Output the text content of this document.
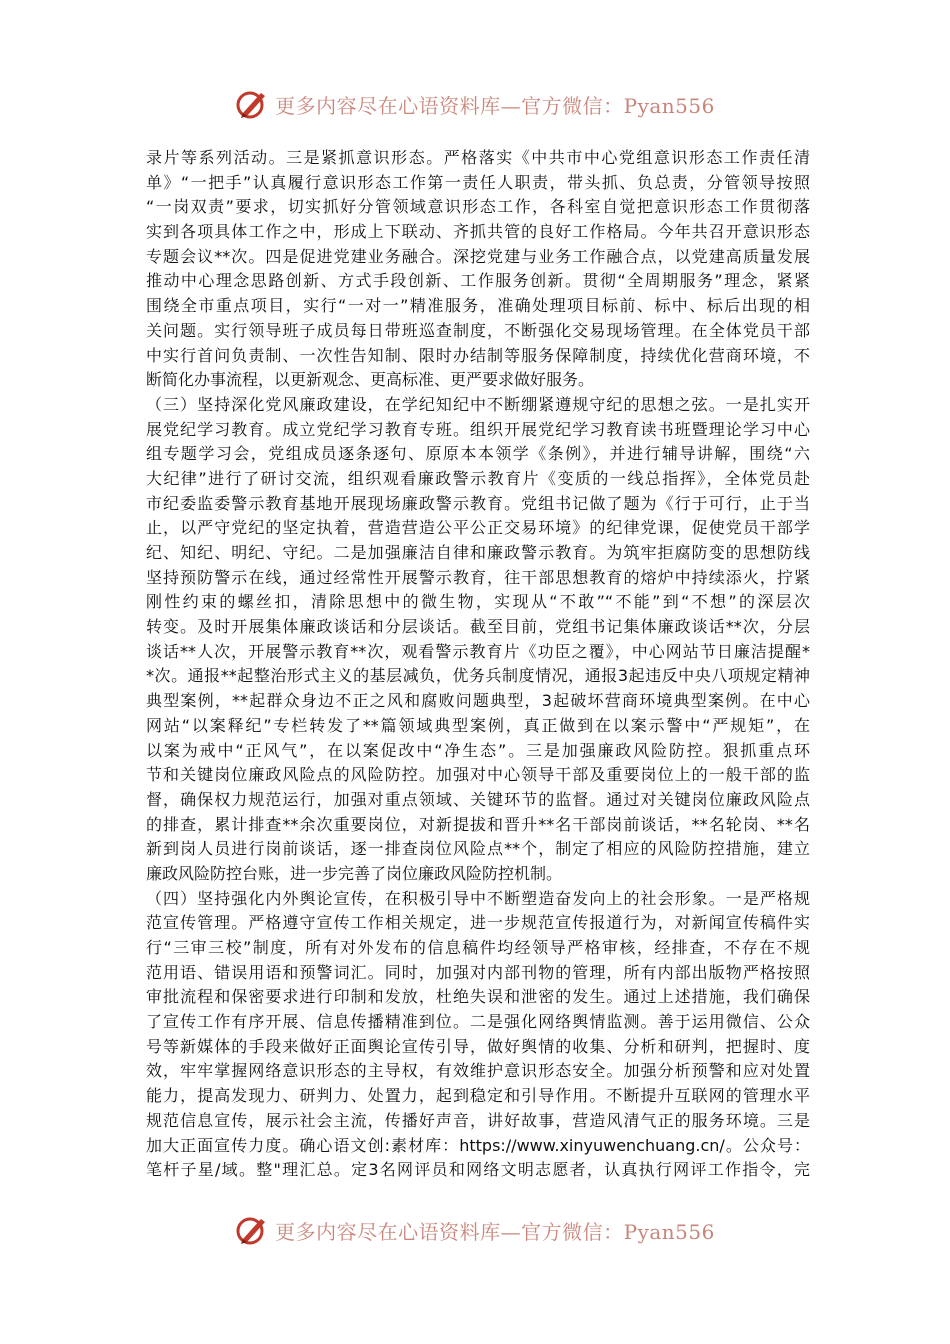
更多内容尽在心语资料库—官方微信：Pyan556
录片等系列活动。三是紧抓意识形态。严格落实《中共市中心党组意识形态工作责任清
单》“一把手”认真履行意识形态工作第一责任人职责，带头抓、负总责，分管领导按照
“一岗双责”要求，切实抓好分管领域意识形态工作，各科室自觉把意识形态工作贯彻落
实到各项具体工作之中，形成上下联动、齐抓共管的良好工作格局。今年共召开意识形态
专题会议**次。四是促进党建业务融合。深挖党建与业务工作融合点，以党建高质量发展
推动中心理念思路创新、方式手段创新、工作服务创新。贯彻“全周期服务”理念，紧紧
围绕全市重点项目，实行“一对一”精准服务，准确处理项目标前、标中、标后出现的相
关问题。实行领导班子成员每日带班巡查制度，不断强化交易现场管理。在全体党员干部
中实行首问负责制、一次性告知制、限时办结制等服务保障制度，持续优化营商环境，不
断简化办事流程，以更新观念、更高标准、更严要求做好服务。
（三）坚持深化党风廉政建设，在学纪知纪中不断绷紧遵规守纪的思想之弦。一是扎实开
展党纪学习教育。成立党纪学习教育专班。组织开展党纪学习教育读书班暨理论学习中心
组专题学习会，党组成员逐条逐句、原原本本领学《条例》，并进行辅导讲解，围绕“六
大纪律”进行了研讨交流，组织观看廉政警示教育片《变质的一线总指挥》，全体党员赴
市纪委监委警示教育基地开展现场廉政警示教育。党组书记做了题为《行于可行，止于当
止，以严守党纪的坚定执着，营造营造公平公正交易环境》的纪律党课，促使党员干部学
纪、知纪、明纪、守纪。二是加强廉洁自律和廉政警示教育。为筑牢拒腐防变的思想防线
坚持预防警示在线，通过经常性开展警示教育，往干部思想教育的熔炉中持续添火，拧紧
刚性约束的螺丝扣，清除思想中的微生物，实现从“不敢”“不能”到“不想”的深层次
转变。及时开展集体廉政谈话和分层谈话。截至目前，党组书记集体廉政谈话**次，分层
谈话**人次，开展警示教育**次，观看警示教育片《功臣之覆》，中心网站节日廉洁提醒*
*次。通报**起整治形式主义的基层减负，优务兵制度情况，通报3起违反中央八项规定精神
典型案例，**起群众身边不正之风和腐败问题典型，3起破坏营商环境典型案例。在中心
网站“以案释纪”专栏转发了**篇领域典型案例，真正做到在以案示警中“严规矩”，在
以案为戒中“正风气”，在以案促改中“净生态”。三是加强廉政风险防控。狠抓重点环
节和关键岗位廉政风险点的风险防控。加强对中心领导干部及重要岗位上的一般干部的监
督，确保权力规范运行，加强对重点领域、关键环节的监督。通过对关键岗位廉政风险点
的排查，累计排查**余次重要岗位，对新提拔和晋升**名干部岗前谈话，**名轮岗、**名
新到岗人员进行岗前谈话，逐一排查岗位风险点**个，制定了相应的风险防控措施，建立
廉政风险防控台账，进一步完善了岗位廉政风险防控机制。
（四）坚持强化内外舆论宣传，在积极引导中不断塑造奋发向上的社会形象。一是严格规
范宣传管理。严格遵守宣传工作相关规定，进一步规范宣传报道行为，对新闻宣传稿件实
行“三审三校”制度，所有对外发布的信息稿件均经领导严格审核，经排查，不存在不规
范用语、错误用语和预警词汇。同时，加强对内部刊物的管理，所有内部出版物严格按照
审批流程和保密要求进行印制和发放，杜绝失误和泄密的发生。通过上述措施，我们确保
了宣传工作有序开展、信息传播精准到位。二是强化网络舆情监测。善于运用微信、公众
号等新媒体的手段来做好正面舆论宣传引导，做好舆情的收集、分析和研判，把握时、度
效，牢牢掌握网络意识形态的主导权，有效维护意识形态安全。加强分析预警和应对处置
能力，提高发现力、研判力、处置力，起到稳定和引导作用。不断提升互联网的管理水平
规范信息宣传，展示社会主流，传播好声音，讲好故事，营造风清气正的服务环境。三是
加大正面宣传力度。确心语文创:素材库：https://www.xinyuwenchuang.cn/。公众号：
笔杆子星/域。整"理汇总。定3名网评员和网络文明志愿者，认真执行网评工作指令，完
更多内容尽在心语资料库—官方微信：Pyan556
